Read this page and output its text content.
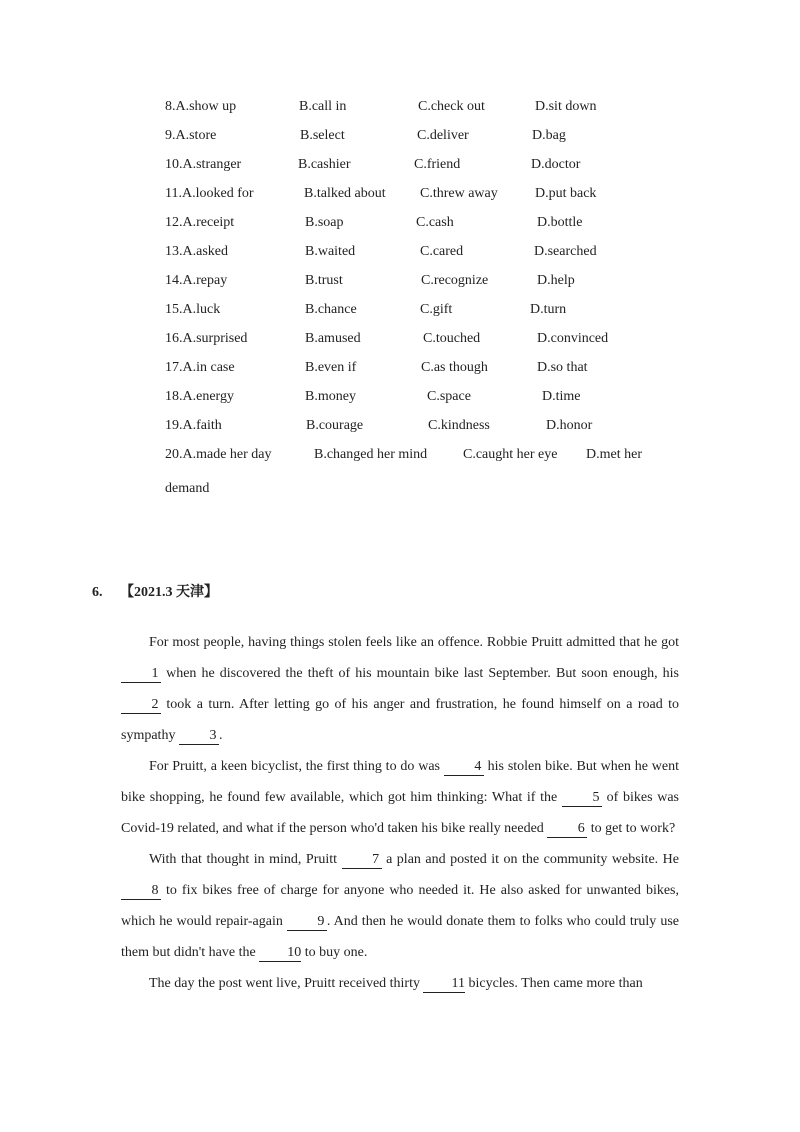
8.A.show up	B.call in	C.check out	D.sit down
9.A.store	B.select	C.deliver	D.bag
10.A.stranger	B.cashier	C.friend	D.doctor
11.A.looked for	B.talked about C.threw away	D.put back
12.A.receipt	B.soap	C.cash	D.bottle
13.A.asked	B.waited	C.cared	D.searched
14.A.repay	B.trust	C.recognize	D.help
15.A.luck	B.chance	C.gift	D.turn
16.A.surprised	B.amused	C.touched	D.convinced
17.A.in case	B.even if	C.as though	D.so that
18.A.energy	B.money	C.space	D.time
19.A.faith	B.courage	C.kindness	D.honor
20.A.made her day	B.changed her mind	C.caught her eye D.met her
demand
6. 【2021.3 天津】

For most people, having things stolen feels like an offence. Robbie Pruitt admitted that he got 1 when he discovered the theft of his mountain bike last September. But soon enough, his 2 took a turn. After letting go of his anger and frustration, he found himself on a road to sympathy 3 .

For Pruitt, a keen bicyclist, the first thing to do was 4 his stolen bike. But when he went bike shopping, he found few available, which got him thinking: What if the 5 of bikes was Covid-19 related, and what if the person who'd taken his bike really needed 6 to get to work?

With that thought in mind, Pruitt 7 a plan and posted it on the community website. He 8 to fix bikes free of charge for anyone who needed it. He also asked for unwanted bikes, which he would repair-again 9 . And then he would donate them to folks who could truly use them but didn't have the 10 to buy one.

The day the post went live, Pruitt received thirty 11 bicycles. Then came more than
